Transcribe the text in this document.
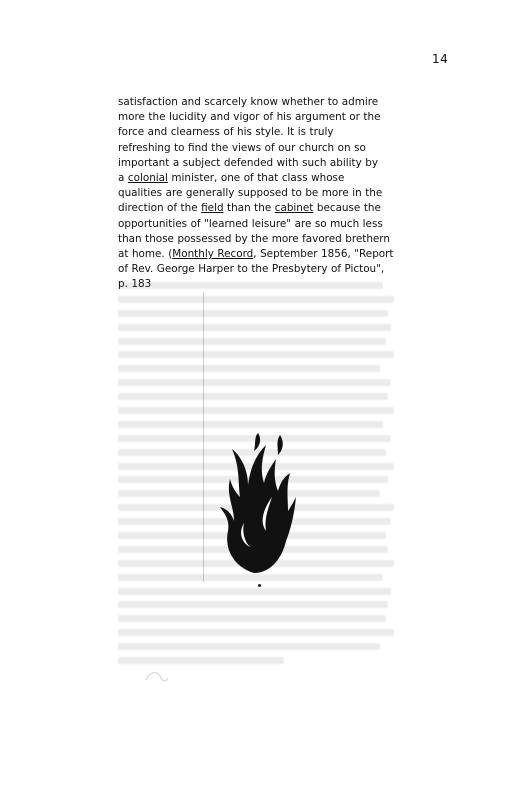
14
satisfaction and scarcely know whether to admire
more the lucidity and vigor of his argument or the
force and clearness of his style. It is truly
refreshing to find the views of our church on so
important a subject defended with such ability by
a colonial minister, one of that class whose
qualities are generally supposed to be more in the
direction of the field than the cabinet because the
opportunities of "learned leisure" are so much less
than those possessed by the more favored brethern
at home. (Monthly Record, September 1856, "Report
of Rev. George Harper to the Presbytery of Pictou",
p. 183
